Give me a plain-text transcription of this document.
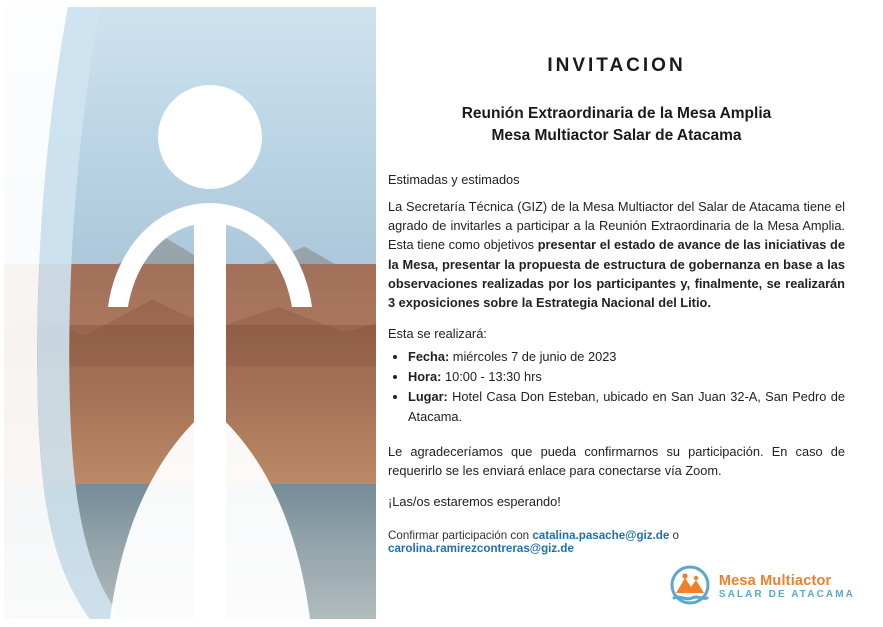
INVITACION
Reunión Extraordinaria de la Mesa Amplia
Mesa Multiactor Salar de Atacama
Estimadas y estimados

La Secretaría Técnica (GIZ) de la Mesa Multiactor del Salar de Atacama tiene el agrado de invitarles a participar a la Reunión Extraordinaria de la Mesa Amplia. Esta tiene como objetivos presentar el estado de avance de las iniciativas de la Mesa, presentar la propuesta de estructura de gobernanza en base a las observaciones realizadas por los participantes y, finalmente, se realizarán 3 exposiciones sobre la Estrategia Nacional del Litio.

Esta se realizará:

• Fecha: miércoles 7 de junio de 2023
• Hora: 10:00 - 13:30 hrs
• Lugar: Hotel Casa Don Esteban, ubicado en San Juan 32-A, San Pedro de Atacama.

Le agradeceríamos que pueda confirmarnos su participación. En caso de requerirlo se les enviará enlace para conectarse vía Zoom.

¡Las/os estaremos esperando!

Confirmar participación con catalina.pasache@giz.de o carolina.ramirezcontreras@giz.de

Mesa Multiactor
SALAR DE ATACAMA
